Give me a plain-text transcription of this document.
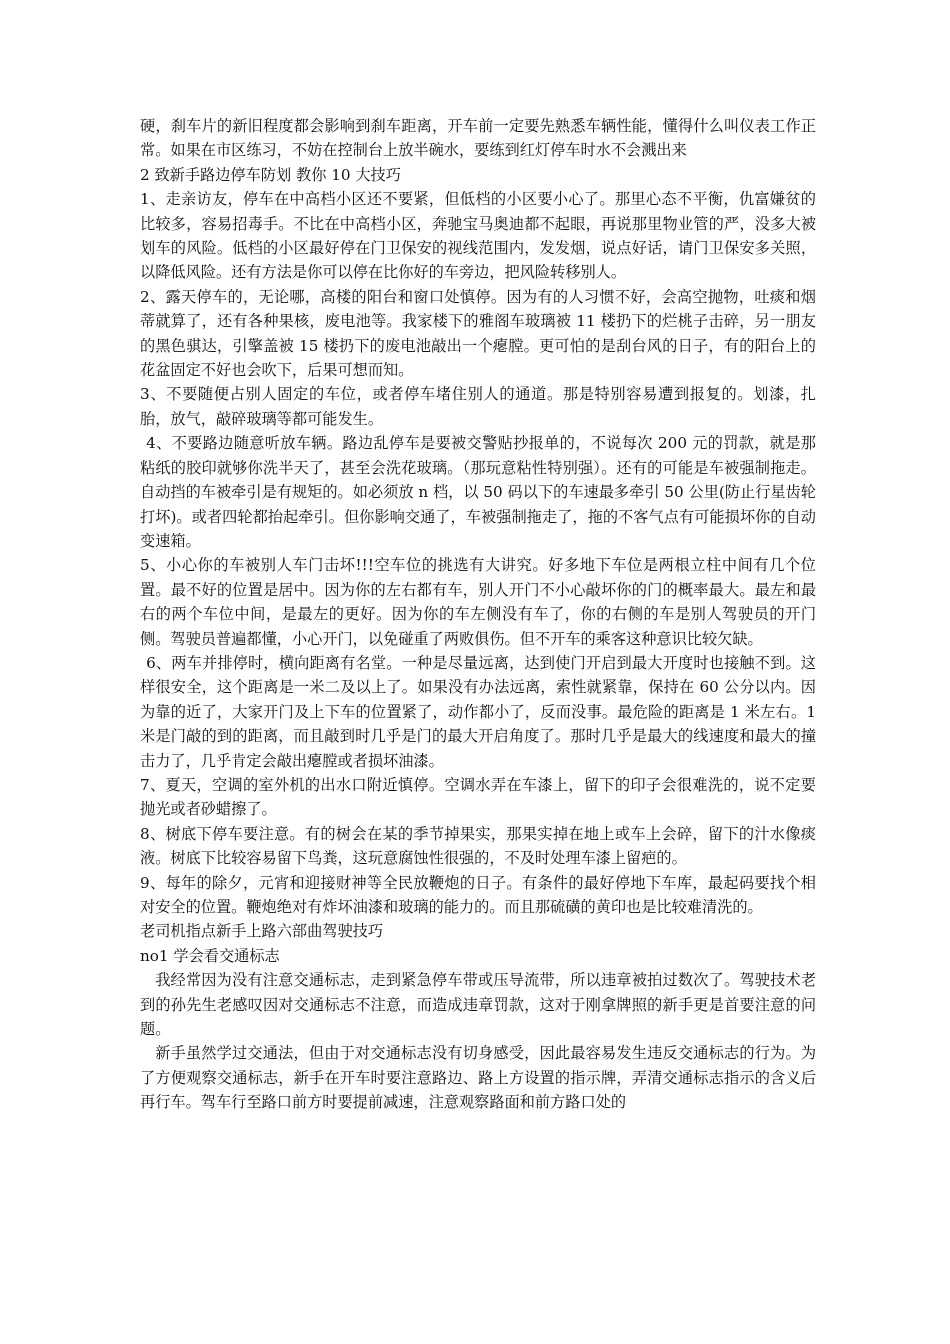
硬，刹车片的新旧程度都会影响到刹车距离，开车前一定要先熟悉车辆性能，懂得什么叫仪表工作正常。如果在市区练习，不妨在控制台上放半碗水，要练到红灯停车时水不会溅出来

2 致新手路边停车防划 教你 10 大技巧

1、走亲访友，停车在中高档小区还不要紧，但低档的小区要小心了。那里心态不平衡，仇富嫌贫的比较多，容易招毒手。不比在中高档小区，奔驰宝马奥迪都不起眼，再说那里物业管的严，没多大被划车的风险。低档的小区最好停在门卫保安的视线范围内，发发烟，说点好话，请门卫保安多关照，以降低风险。还有方法是你可以停在比你好的车旁边，把风险转移别人。

2、露天停车的，无论哪，高楼的阳台和窗口处慎停。因为有的人习惯不好，会高空抛物，吐痰和烟蒂就算了，还有各种果核，废电池等。我家楼下的雅阁车玻璃被 11 楼扔下的烂桃子击碎，另一朋友的黑色骐达，引擎盖被 15 楼扔下的废电池敲出一个瘪膛。更可怕的是刮台风的日子，有的阳台上的花盆固定不好也会吹下，后果可想而知。

3、不要随便占别人固定的车位，或者停车堵住别人的通道。那是特别容易遭到报复的。划漆，扎胎，放气，敲碎玻璃等都可能发生。

4、不要路边随意听放车辆。路边乱停车是要被交警贴抄报单的，不说每次 200 元的罚款，就是那粘纸的胶印就够你洗半天了，甚至会洗花玻璃。（那玩意粘性特别强）。还有的可能是车被强制拖走。自动挡的车被牵引是有规矩的。如必须放 n 档，以 50 码以下的车速最多牵引 50 公里(防止行星齿轮打坏)。或者四轮都抬起牵引。但你影响交通了，车被强制拖走了，拖的不客气点有可能损坏你的自动变速箱。

5、小心你的车被别人车门击坏!!!空车位的挑选有大讲究。好多地下车位是两根立柱中间有几个位置。最不好的位置是居中。因为你的左右都有车，别人开门不小心敲坏你的门的概率最大。最左和最右的两个车位中间，是最左的更好。因为你的车左侧没有车了，你的右侧的车是别人驾驶员的开门侧。驾驶员普遍都懂，小心开门，以免碰重了两败俱伤。但不开车的乘客这种意识比较欠缺。

6、两车并排停时，横向距离有名堂。一种是尽量远离，达到使门开启到最大开度时也接触不到。这样很安全，这个距离是一米二及以上了。如果没有办法远离，索性就紧靠，保持在 60 公分以内。因为靠的近了，大家开门及上下车的位置紧了，动作都小了，反而没事。最危险的距离是 1 米左右。1 米是门敲的到的距离，而且敲到时几乎是门的最大开启角度了。那时几乎是最大的线速度和最大的撞击力了，几乎肯定会敲出瘪膛或者损坏油漆。

7、夏天，空调的室外机的出水口附近慎停。空调水弄在车漆上，留下的印子会很难洗的，说不定要抛光或者砂蜡擦了。

8、树底下停车要注意。有的树会在某的季节掉果实，那果实掉在地上或车上会碎，留下的汁水像痰液。树底下比较容易留下鸟粪，这玩意腐蚀性很强的，不及时处理车漆上留疤的。

9、每年的除夕，元宵和迎接财神等全民放鞭炮的日子。有条件的最好停地下车库，最起码要找个相对安全的位置。鞭炮绝对有炸坏油漆和玻璃的能力的。而且那硫磺的黄印也是比较难清洗的。

老司机指点新手上路六部曲驾驶技巧

no1 学会看交通标志

我经常因为没有注意交通标志，走到紧急停车带或压导流带，所以违章被拍过数次了。驾驶技术老到的孙先生老感叹因对交通标志不注意，而造成违章罚款，这对于刚拿牌照的新手更是首要注意的问题。

新手虽然学过交通法，但由于对交通标志没有切身感受，因此最容易发生违反交通标志的行为。为了方便观察交通标志，新手在开车时要注意路边、路上方设置的指示牌，弄清交通标志指示的含义后再行车。驾车行至路口前方时要提前减速，注意观察路面和前方路口处的
